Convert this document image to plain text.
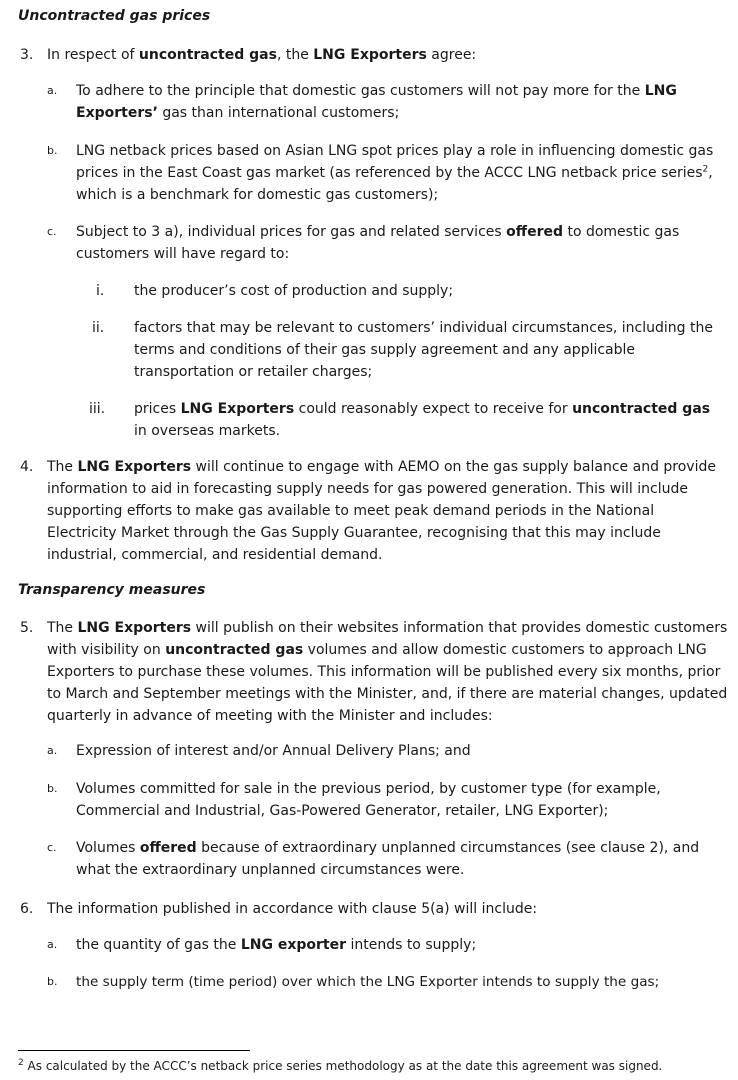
Uncontracted gas prices
3. In respect of uncontracted gas, the LNG Exporters agree:
a. To adhere to the principle that domestic gas customers will not pay more for the LNG Exporters’ gas than international customers;
b. LNG netback prices based on Asian LNG spot prices play a role in influencing domestic gas prices in the East Coast gas market (as referenced by the ACCC LNG netback price series$^2$, which is a benchmark for domestic gas customers);
c. Subject to 3 a), individual prices for gas and related services offered to domestic gas customers will have regard to:
i. the producer’s cost of production and supply;
ii. factors that may be relevant to customers’ individual circumstances, including the terms and conditions of their gas supply agreement and any applicable transportation or retailer charges;
iii. prices LNG Exporters could reasonably expect to receive for uncontracted gas in overseas markets.
4. The LNG Exporters will continue to engage with AEMO on the gas supply balance and provide information to aid in forecasting supply needs for gas powered generation. This will include supporting efforts to make gas available to meet peak demand periods in the National Electricity Market through the Gas Supply Guarantee, recognising that this may include industrial, commercial, and residential demand.
Transparency measures
5. The LNG Exporters will publish on their websites information that provides domestic customers with visibility on uncontracted gas volumes and allow domestic customers to approach LNG Exporters to purchase these volumes. This information will be published every six months, prior to March and September meetings with the Minister, and, if there are material changes, updated quarterly in advance of meeting with the Minister and includes:
a. Expression of interest and/or Annual Delivery Plans; and
b. Volumes committed for sale in the previous period, by customer type (for example, Commercial and Industrial, Gas-Powered Generator, retailer, LNG Exporter);
c. Volumes offered because of extraordinary unplanned circumstances (see clause 2), and what the extraordinary unplanned circumstances were.
6. The information published in accordance with clause 5(a) will include:
a. the quantity of gas the LNG exporter intends to supply;
b. the supply term (time period) over which the LNG Exporter intends to supply the gas;
$^2$ As calculated by the ACCC’s netback price series methodology as at the date this agreement was signed.
